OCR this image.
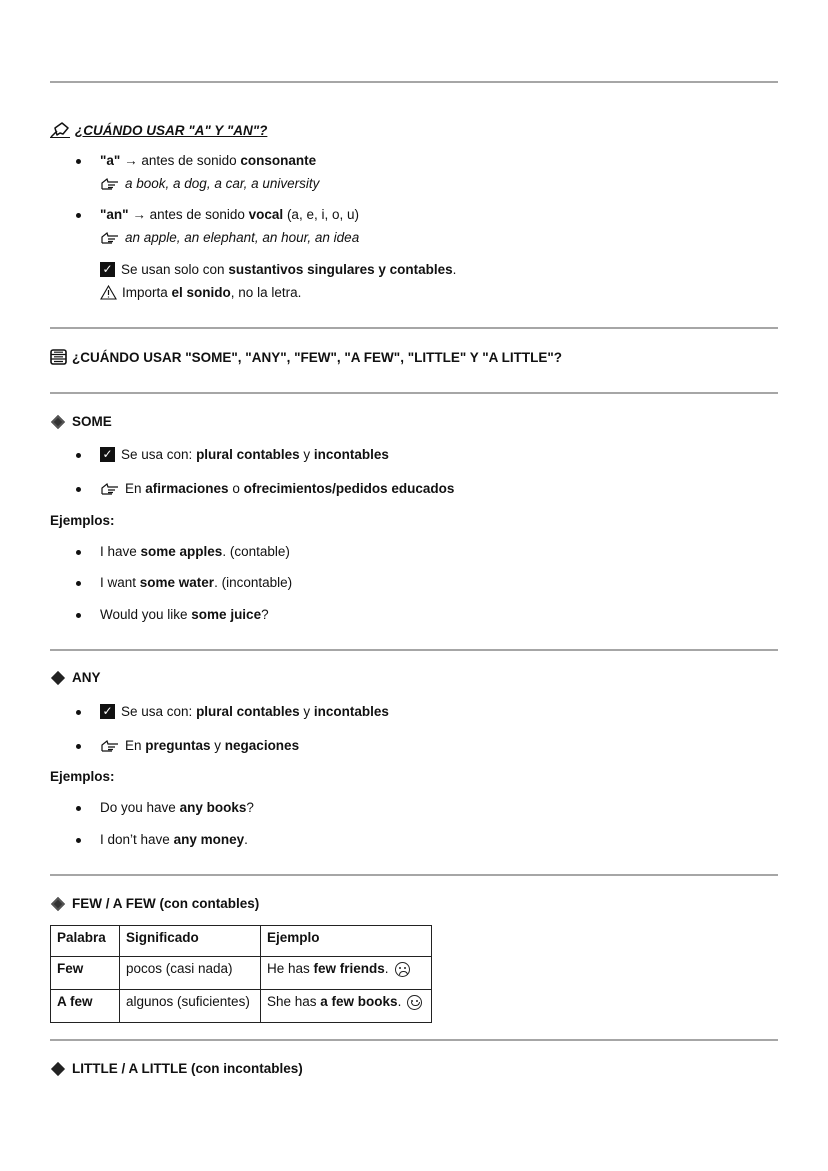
¿CUÁNDO USAR "A" Y "AN"?
"a"
→ antes de sonido consonante
a book, a dog, a car, a university
"an"
→ antes de sonido vocal (a, e, i, o, u)
an apple, an elephant, an hour, an idea
✓ Se usan solo con sustantivos singulares y contables .
Importa el sonido , no la letra.
¿CUÁNDO USAR "SOME", "ANY", "FEW", "A FEW", "LITTLE" Y "A LITTLE"?
SOME
✓ Se usa con: plural contables y incontables
En afirmaciones o ofrecimientos/pedidos educados
Ejemplos:
I have some apples . (contable)
I want some water . (incontable)
Would you like some juice ?
ANY
✓ Se usa con: plural contables y incontables
En preguntas y negaciones
Ejemplos:
Do you have any books ?
I don’t have any money .
FEW / A FEW (con contables)
Palabra	Significado	Ejemplo
Few	pocos (casi nada)	He has few friends.

A few	algunos (suficientes)	She has a few books.
LITTLE / A LITTLE (con incontables)
